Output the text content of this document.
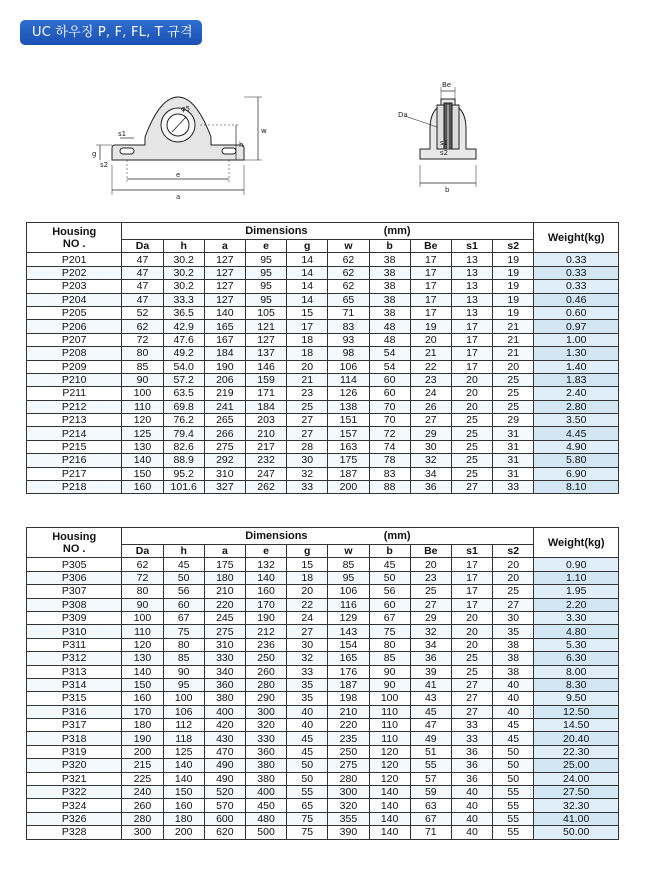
UC 하우징 P, F, FL, T 규격
φ5
a
e
h
w
g
s1
s2
Da
Be
b
s1
s2
Housing
NO .	Dimensions (mm)										Weight(kg)
	Da	h	a	e	g	w	b	Be	s1	s2	
P201	47	30.2	127	95	14	62	38	17	13	19	0.33
P202	47	30.2	127	95	14	62	38	17	13	19	0.33
P203	47	30.2	127	95	14	62	38	17	13	19	0.33
P204	47	33.3	127	95	14	65	38	17	13	19	0.46
P205	52	36.5	140	105	15	71	38	17	13	19	0.60
P206	62	42.9	165	121	17	83	48	19	17	21	0.97
P207	72	47.6	167	127	18	93	48	20	17	21	1.00
P208	80	49.2	184	137	18	98	54	21	17	21	1.30
P209	85	54.0	190	146	20	106	54	22	17	20	1.40
P210	90	57.2	206	159	21	114	60	23	20	25	1.83
P211	100	63.5	219	171	23	126	60	24	20	25	2.40
P212	110	69.8	241	184	25	138	70	26	20	25	2.80
P213	120	76.2	265	203	27	151	70	27	25	29	3.50
P214	125	79.4	266	210	27	157	72	29	25	31	4.45
P215	130	82.6	275	217	28	163	74	30	25	31	4.90
P216	140	88.9	292	232	30	175	78	32	25	31	5.80
P217	150	95.2	310	247	32	187	83	34	25	31	6.90
P218	160	101.6	327	262	33	200	88	36	27	33	8.10
Housing
NO .	Dimensions (mm)										Weight(kg)
	Da	h	a	e	g	w	b	Be	s1	s2	
P305	62	45	175	132	15	85	45	20	17	20	0.90
P306	72	50	180	140	18	95	50	23	17	20	1.10
P307	80	56	210	160	20	106	56	25	17	25	1.95
P308	90	60	220	170	22	116	60	27	17	27	2.20
P309	100	67	245	190	24	129	67	29	20	30	3.30
P310	110	75	275	212	27	143	75	32	20	35	4.80
P311	120	80	310	236	30	154	80	34	20	38	5.30
P312	130	85	330	250	32	165	85	36	25	38	6.30
P313	140	90	340	260	33	176	90	39	25	38	8.00
P314	150	95	360	280	35	187	90	41	27	40	8.30
P315	160	100	380	290	35	198	100	43	27	40	9.50
P316	170	106	400	300	40	210	110	45	27	40	12.50
P317	180	112	420	320	40	220	110	47	33	45	14.50
P318	190	118	430	330	45	235	110	49	33	45	20.40
P319	200	125	470	360	45	250	120	51	36	50	22.30
P320	215	140	490	380	50	275	120	55	36	50	25.00
P321	225	140	490	380	50	280	120	57	36	50	24.00
P322	240	150	520	400	55	300	140	59	40	55	27.50
P324	260	160	570	450	65	320	140	63	40	55	32.30
P326	280	180	600	480	75	355	140	67	40	55	41.00
P328	300	200	620	500	75	390	140	71	40	55	50.00
